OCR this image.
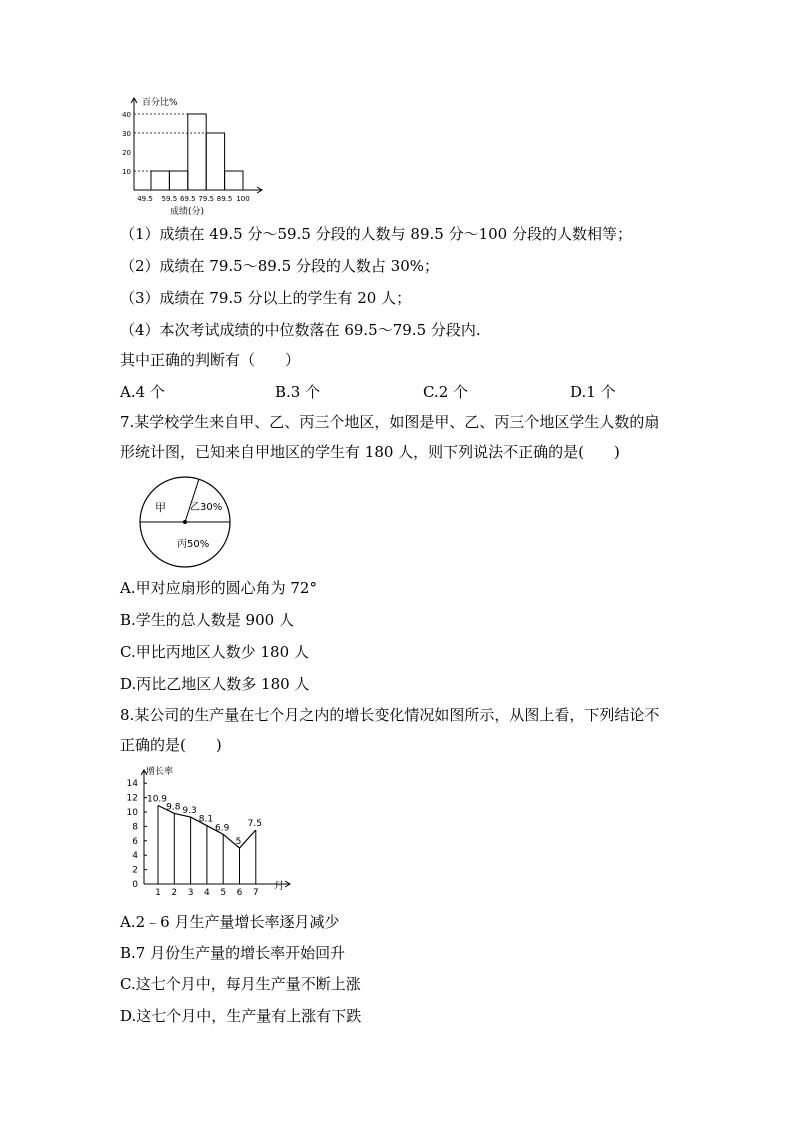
10
20
30
40
49.5 59.5 69.5 79.5 89.5 100
百分比%
成绩(分)
（1）成绩在 49.5 分～59.5 分段的人数与 89.5 分～100 分段的人数相等；
（2）成绩在 79.5～89.5 分段的人数占 30%；
（3）成绩在 79.5 分以上的学生有 20 人；
（4）本次考试成绩的中位数落在 69.5～79.5 分段内.
其中正确的判断有（　　）
A.4 个	B.3 个	C.2 个	D.1 个
7.某学校学生来自甲、乙、丙三个地区，如图是甲、乙、丙三个地区学生人数的扇
形统计图，已知来自甲地区的学生有 180 人，则下列说法不正确的是(　　)
甲 乙30%
丙50%
A.甲对应扇形的圆心角为 72°
B.学生的总人数是 900 人
C.甲比丙地区人数少 180 人
D.丙比乙地区人数多 180 人
8.某公司的生产量在七个月之内的增长变化情况如图所示，从图上看，下列结论不
正确的是(　　)
0
2
4
6
8
10
12
14
1 2 3 4 5 6 7
10.9
9.8 9.3
8.1
6.9
5
7.5
增长率
月
A.2﹣6 月生产量增长率逐月减少
B.7 月份生产量的增长率开始回升
C.这七个月中，每月生产量不断上涨
D.这七个月中，生产量有上涨有下跌
